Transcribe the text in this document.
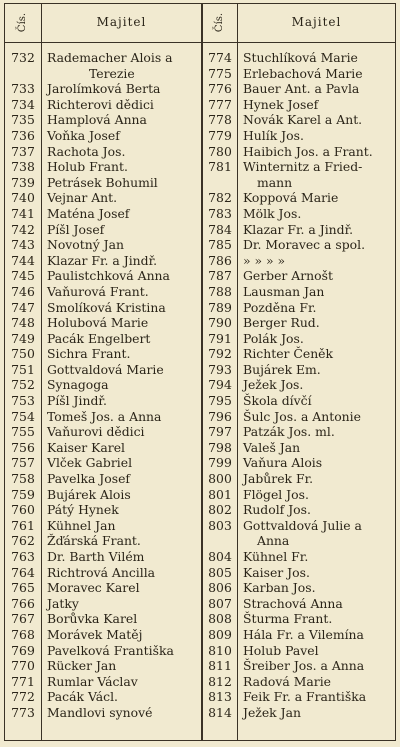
Čís.	Majitel	Čís.	Majitel
732 Rademacher Alois a
Terezie
733 Jarolímková Berta
734 Richterovi dědici
735 Hamplová Anna
736 Voňka Josef
737 Rachota Jos.
738 Holub Frant.
739 Petrásek Bohumil
740 Vejnar Ant.
741 Maténa Josef
742 Píšl Josef
743 Novotný Jan
744 Klazar Fr. a Jindř.
745 Paulistchková Anna
746 Vaňurová Frant.
747 Smolíková Kristina
748 Holubová Marie
749 Pacák Engelbert
750 Sichra Frant.
751 Gottvaldová Marie
752 Synagoga
753 Píšl Jindř.
754 Tomeš Jos. a Anna
755 Vaňurovi dědici
756 Kaiser Karel
757 Vlček Gabriel
758 Pavelka Josef
759 Bujárek Alois
760 Pátý Hynek
761 Kühnel Jan
762 Žďárská Frant.
763 Dr. Barth Vilém
764 Richtrová Ancilla
765 Moravec Karel
766 Jatky
767 Borůvka Karel
768 Morávek Matěj
769 Pavelková Františka
770 Rücker Jan
771 Rumlar Václav
772 Pacák Václ.
773 Mandlovi synové
774 Stuchlíková Marie
775 Erlebachová Marie
776 Bauer Ant. a Pavla
777 Hynek Josef
778 Novák Karel a Ant.
779 Hulík Jos.
780 Haibich Jos. a Frant.
781 Winternitz a Fried-
mann
782 Koppová Marie
783 Mölk Jos.
784 Klazar Fr. a Jindř.
785 Dr. Moravec a spol.
786 » » » »
787 Gerber Arnošt
788 Lausman Jan
789 Pozděna Fr.
790 Berger Rud.
791 Polák Jos.
792 Richter Čeněk
793 Bujárek Em.
794 Ježek Jos.
795 Škola dívčí
796 Šulc Jos. a Antonie
797 Patzák Jos. ml.
798 Valeš Jan
799 Vaňura Alois
800 Jabůrek Fr.
801 Flögel Jos.
802 Rudolf Jos.
803 Gottvaldová Julie a
Anna
804 Kühnel Fr.
805 Kaiser Jos.
806 Karban Jos.
807 Strachová Anna
808 Šturma Frant.
809 Hála Fr. a Vilemína
810 Holub Pavel
811 Šreiber Jos. a Anna
812 Radová Marie
813 Feik Fr. a Františka
814 Ježek Jan
